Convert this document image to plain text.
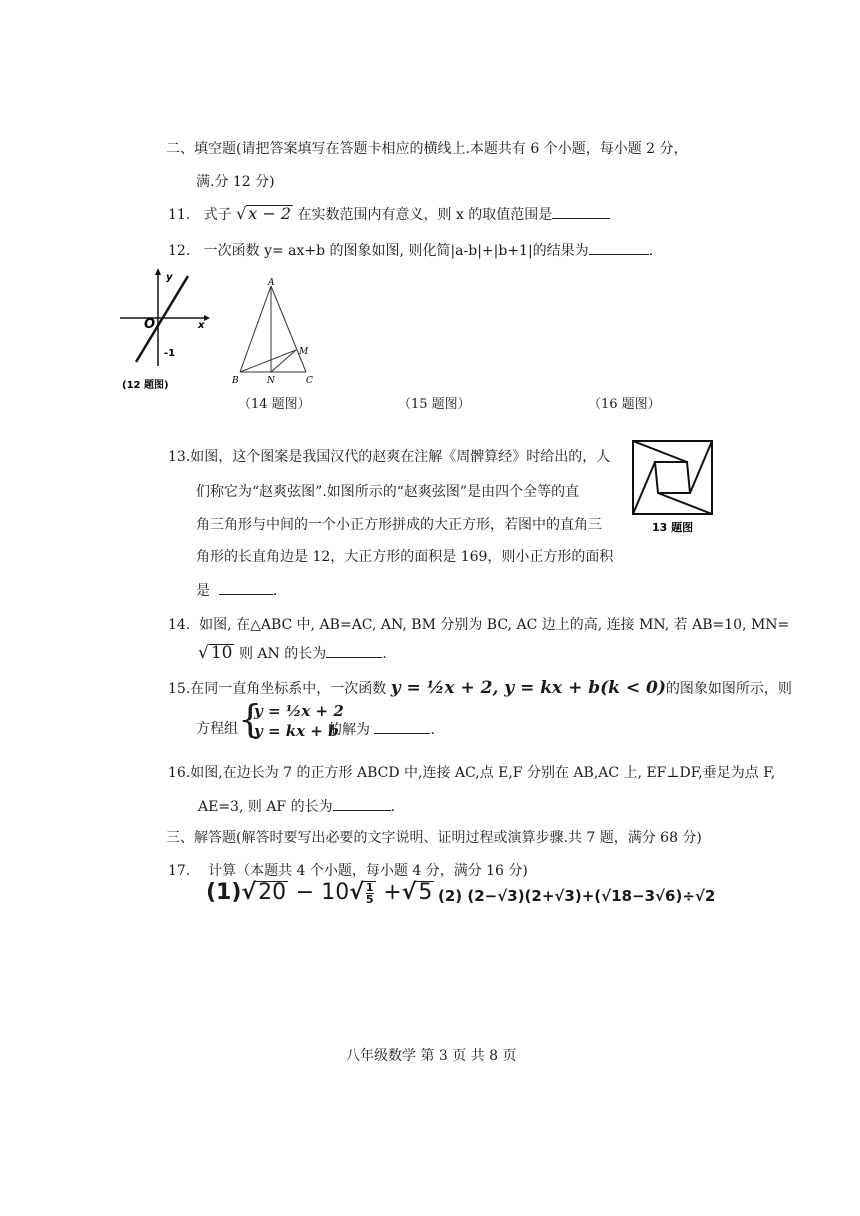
二、填空题(请把答案填写在答题卡相应的横线上.本题共有 6 个小题，每小题 2 分，
满.分 12 分)
11. 式子 √ x − 2 在实数范围内有意义，则 x 的取值范围是
12. 一次函数 y= ax+b 的图象如图, 则化简|a-b|+|b+1|的结果为	.
y
x
O
-1
(12 题图)
A
B	C
M
N
（14 题图）	（15 题图）	（16 题图）
13.如图，这个图案是我国汉代的赵爽在注解《周髀算经》时给出的，人
们称它为“赵爽弦图”.如图所示的“赵爽弦图”是由四个全等的直
角三角形与中间的一个小正方形拼成的大正方形，若图中的直角三
角形的长直角边是 12，大正方形的面积是 169，则小正方形的面积
是	.
13 题图
14. 如图, 在△ABC 中, AB=AC, AN, BM 分别为 BC, AC 边上的高, 连接 MN, 若 AB=10, MN=
√ 10 则 AN 的长为	.
15.在同一直角坐标系中，一次函数 y = ½x + 2, y = kx + b(k < 0)的图象如图所示，则
方程组 {
y = ½x + 2
y = kx + b
的解为	.
16.如图,在边长为 7 的正方形 ABCD 中,连接 AC,点 E,F 分别在 AB,AC 上, EF⊥DF,垂足为点 F,
AE=3, 则 AF 的长为	.
三、解答题(解答时要写出必要的文字说明、证明过程或演算步骤.共 7 题，满分 68 分)
17. 计算（本题共 4 个小题，每小题 4 分，满分 16 分)
$(1)√20 - 10√ \frac{1}{5} +√5$ (2) (2−√3)(2+√3)+(√18−3√6)÷√2
八年级数学 第 3 页 共 8 页
